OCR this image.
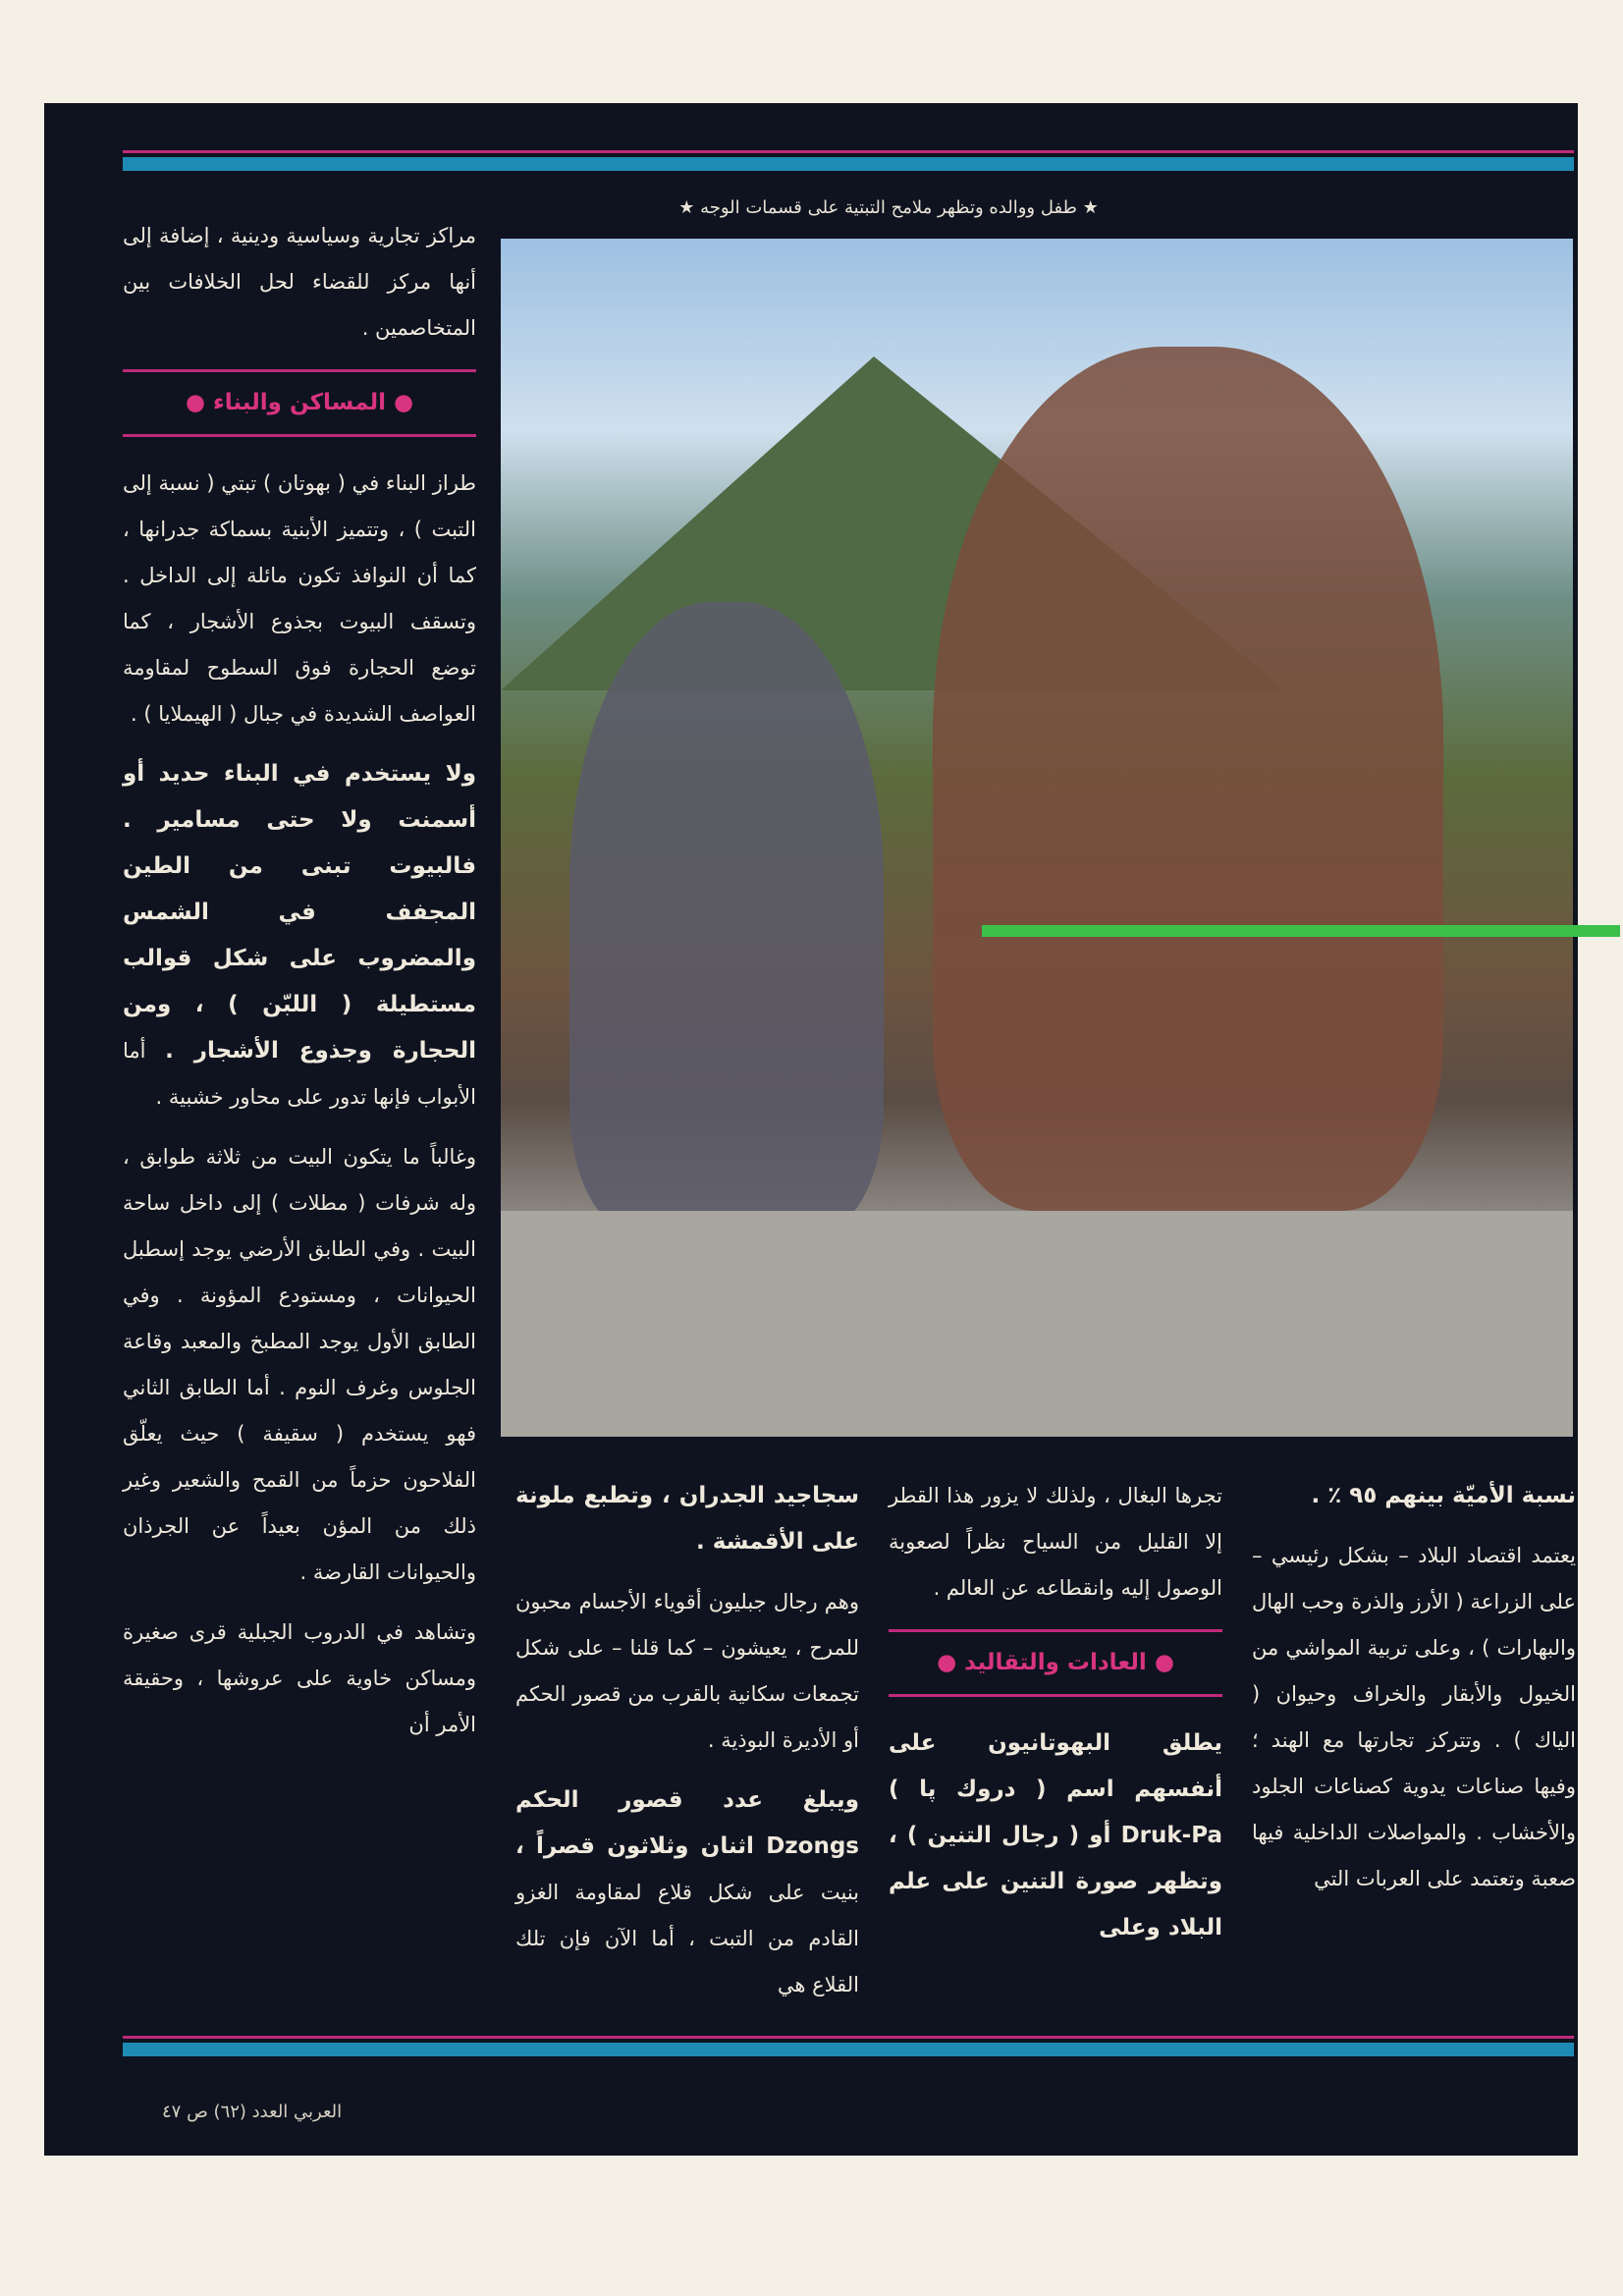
★ طفل ووالده وتظهر ملامح التبتية على قسمات الوجه ★

مراكز تجارية وسياسية ودينية ، إضافة إلى أنها مركز للقضاء لحل الخلافات بين المتخاصمين .

● المساكن والبناء ●

طراز البناء في ( بهوتان ) تبتي ( نسبة إلى التبت ) ، وتتميز الأبنية بسماكة جدرانها ، كما أن النوافذ تكون مائلة إلى الداخل . وتسقف البيوت بجذوع الأشجار ، كما توضع الحجارة فوق السطوح لمقاومة العواصف الشديدة في جبال ( الهيملايا ) .

ولا يستخدم في البناء حديد أو أسمنت ولا حتى مسامير . فالبيوت تبنى من الطين المجفف في الشمس والمضروب على شكل قوالب مستطيلة ( اللبّن ) ، ومن الحجارة وجذوع الأشجار . أما الأبواب فإنها تدور على محاور خشبية .

وغالباً ما يتكون البيت من ثلاثة طوابق ، وله شرفات ( مطلات ) إلى داخل ساحة البيت . وفي الطابق الأرضي يوجد إسطبل الحيوانات ، ومستودع المؤونة . وفي الطابق الأول يوجد المطبخ والمعبد وقاعة الجلوس وغرف النوم . أما الطابق الثاني فهو يستخدم ( سقيفة ) حيث يعلّق الفلاحون حزماً من القمح والشعير وغير ذلك من المؤن بعيداً عن الجرذان والحيوانات القارضة .

وتشاهد في الدروب الجبلية قرى صغيرة ومساكن خاوية على عروشها ، وحقيقة الأمر أن

نسبة الأميّة بينهم ٩٥ ٪ .

يعتمد اقتصاد البلاد – بشكل رئيسي – على الزراعة ( الأرز والذرة وحب الهال والبهارات ) ، وعلى تربية المواشي من الخيول والأبقار والخراف وحيوان ( الياك ) . وتتركز تجارتها مع الهند ؛ وفيها صناعات يدوية كصناعات الجلود والأخشاب . والمواصلات الداخلية فيها صعبة وتعتمد على العربات التي

تجرها البغال ، ولذلك لا يزور هذا القطر إلا القليل من السياح نظراً لصعوبة الوصول إليه وانقطاعه عن العالم .

● العادات والتقاليد ●

يطلق البهوتانيون على أنفسهم اسم ( دروك پا ) Druk-Pa أو ( رجال التنين ) ، وتظهر صورة التنين على علم البلاد وعلى

سجاجيد الجدران ، وتطبع ملونة على الأقمشة .

وهم رجال جبليون أقوياء الأجسام محبون للمرح ، يعيشون – كما قلنا – على شكل تجمعات سكانية بالقرب من قصور الحكم أو الأديرة البوذية .

ويبلغ عدد قصور الحكم Dzongs اثنان وثلاثون قصراً ، بنيت على شكل قلاع لمقاومة الغزو القادم من التبت ، أما الآن فإن تلك القلاع هي

العربي العدد (٦٢) ص ٤٧
